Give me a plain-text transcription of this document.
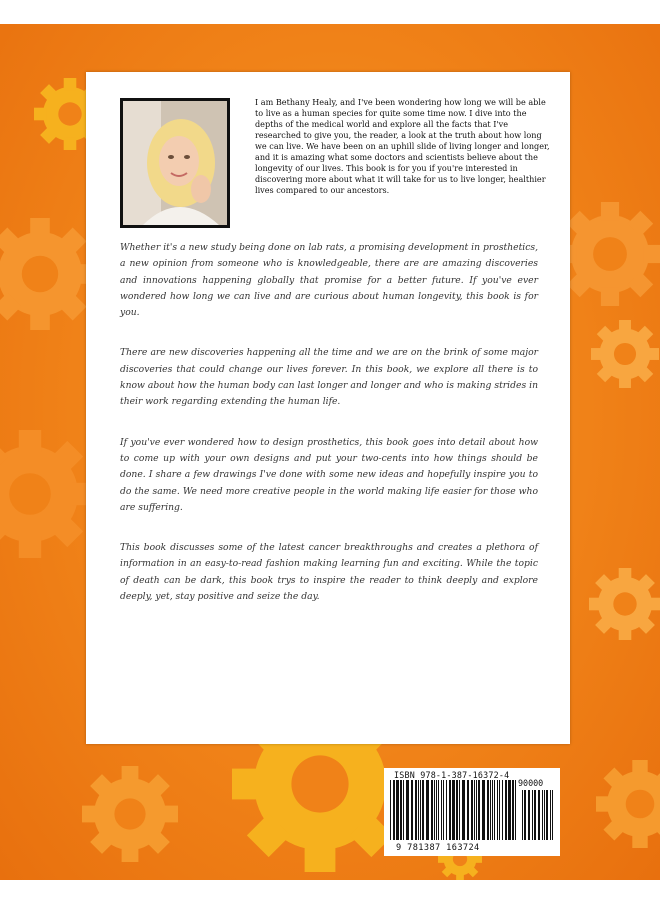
I am Bethany Healy, and I've been wondering how long we will be able to live as a human species for quite some time now. I dive into the depths of the medical world and explore all the facts that I've researched to give you, the reader, a look at the truth about how long we can live. We have been on an uphill slide of living longer and longer, and it is amazing what some doctors and scientists believe about the longevity of our lives. This book is for you if you're interested in discovering more about what it will take for us to live longer, healthier lives compared to our ancestors.

Whether it's a new study being done on lab rats, a promising development in prosthetics, a new opinion from someone who is knowledgeable, there are are amazing discoveries and innovations happening globally that promise for a better future. If you've ever wondered how long we can live and are curious about human longevity, this book is for you.

There are new discoveries happening all the time and we are on the brink of some major discoveries that could change our lives forever. In this book, we explore all there is to know about how the human body can last longer and longer and who is making strides in their work regarding extending the human life.

If you've ever wondered how to design prosthetics, this book goes into detail about how to come up with your own designs and put your two-cents into how things should be done. I share a few drawings I've done with some new ideas and hopefully inspire you to do the same. We need more creative people in the world making life easier for those who are suffering.

This book discusses some of the latest cancer breakthroughs and creates a plethora of information in an easy-to-read fashion making learning fun and exciting. While the topic of death can be dark, this book trys to inspire the reader to think deeply and explore deeply, yet, stay positive and seize the day.

ISBN 978-1-387-16372-4
90000
9 781387 163724
